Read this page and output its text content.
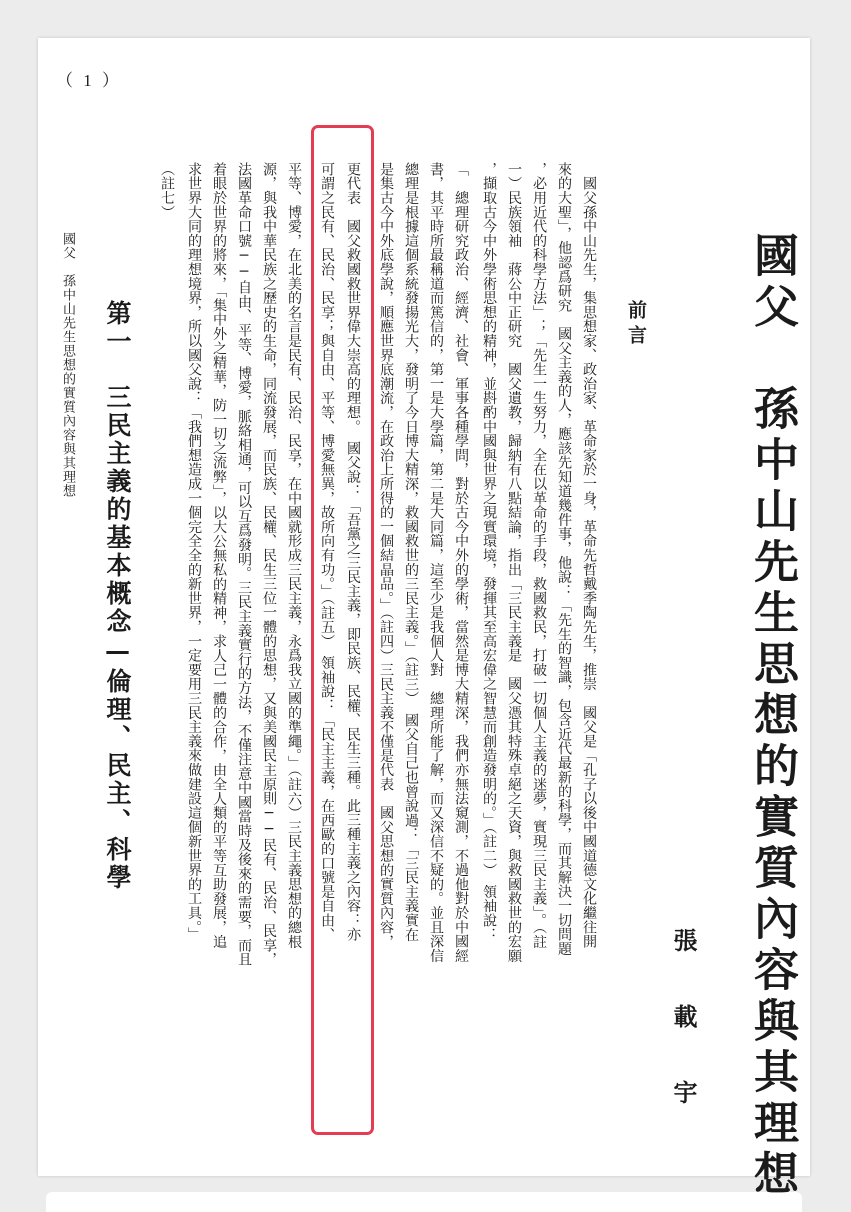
（ 1 ）
國父　孫中山先生思想的實質內容與其理想
張　載　宇
前言
　國父孫中山先生，集思想家、政治家、革命家於一身，革命先哲戴季陶先生，推崇　國父是「孔子以後中國道德文化繼往開
來的大聖」，他認爲研究　國父主義的人，應該先知道幾件事，他說：「先生的智識，包含近代最新的科學，而其解決一切問題
，必用近代的科學方法」；「先生一生努力，全在以革命的手段，救國救民，打破一切個人主義的迷夢，實現三民主義」。（註
一）民族領袖　蔣公中正研究　國父遺教，歸納有八點結論，指出「三民主義是　國父憑其特殊卓絕之天資，與救國救世的宏願
，擷取古今中外學術思想的精神，並斟酌中國與世界之現實環境，發揮其至高宏偉之智慧而創造發明的。」（註二）　領袖說：
「　總理研究政治、經濟、社會、軍事各種學問，對於古今中外的學術，當然是博大精深，我們亦無法窺測，不過他對於中國經
書，其平時所最稱道而篤信的，第一是大學篇，第二是大同篇，這至少是我個人對　總理所能了解，而又深信不疑的。並且深信
總理是根據這個系統發揚光大，發明了今日博大精深，救國救世的三民主義。」（註三）　國父自己也曾說過：「三民主義實在
是集古今中外底學說，順應世界底潮流，在政治上所得的一個結晶品。」（註四）三民主義不僅是代表　國父思想的實質內容，
更代表　國父救國救世界偉大崇高的理想。　國父說：「吾黨之三民主義，即民族、民權、民生三種。此三種主義之內容：亦
可謂之民有、民治、民享；與自由、平等、博愛無異，故所向有功。」（註五）　領袖說：「民主主義，在西歐的口號是自由、
平等、博愛，在北美的名言是民有、民治、民享，在中國就形成三民主義，永爲我立國的準繩。」（註六）三民主義思想的總根
源，與我中華民族之歷史的生命，同流發展，而民族、民權、民生三位一體的思想，又與美國民主原則──民有、民治、民享，
法國革命口號──自由、平等、博愛，脈絡相通，可以互爲發明。三民主義實行的方法，不僅注意中國當時及後來的需要，而且
着眼於世界的將來，「集中外之精華，防一切之流弊」，以大公無私的精神，求人己一體的合作，由全人類的平等互助發展，追
求世界大同的理想境界，所以國父說：「我們想造成一個完全全的新世界，一定要用三民主義來做建設這個新世界的工具。」
（註七）
第一　三民主義的基本概念—倫理、民主、科學
國父　孫中山先生思想的實質內容與其理想
